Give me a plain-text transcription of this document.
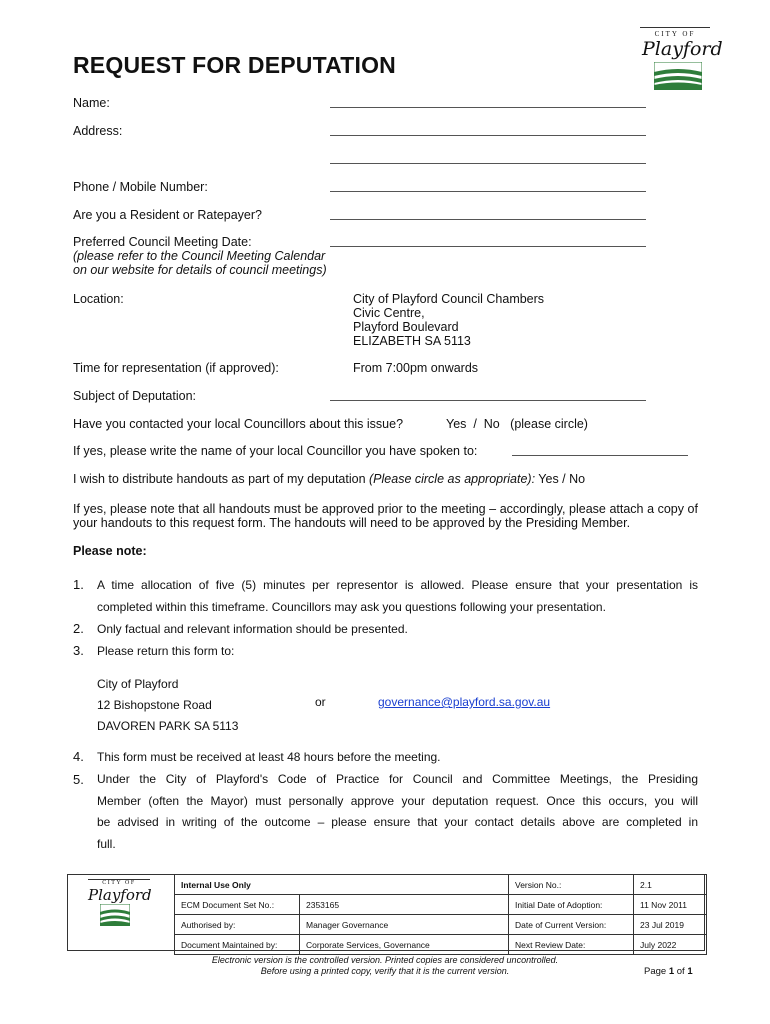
CITY OF
Playford
REQUEST FOR DEPUTATION
Name:
Address:
Phone / Mobile Number:
Are you a Resident or Ratepayer?
Preferred Council Meeting Date:
(please refer to the Council Meeting Calendar
on our website for details of council meetings)
Location:	City of Playford Council Chambers
Civic Centre,
Playford Boulevard
ELIZABETH SA 5113
Time for representation (if approved):	From 7:00pm onwards
Subject of Deputation:
Have you contacted your local Councillors about this issue?	Yes  /  No   (please circle)
If yes, please write the name of your local Councillor you have spoken to:
I wish to distribute handouts as part of my deputation (Please circle as appropriate): Yes / No
If yes, please note that all handouts must be approved prior to the meeting – accordingly, please attach a copy of your handouts to this request form. The handouts will need to be approved by the Presiding Member.
Please note:
1. A time allocation of five (5) minutes per representor is allowed. Please ensure that your presentation is
completed within this timeframe. Councillors may ask you questions following your presentation.
2. Only factual and relevant information should be presented.
3. Please return this form to:
City of Playford
12 Bishopstone Road
DAVOREN PARK SA 5113
or	governance@playford.sa.gov.au
4. This form must be received at least 48 hours before the meeting.
5. Under the City of Playford's Code of Practice for Council and Committee Meetings, the Presiding
Member (often the Mayor) must personally approve your deputation request. Once this occurs, you will
be advised in writing of the outcome – please ensure that your contact details above are completed in
full.
CITY OF
Playford
Internal Use Only		Version No.:	2.1
ECM Document Set No.:	2353165	Initial Date of Adoption:	11 Nov 2011
Authorised by:	Manager Governance	Date of Current Version:	23 Jul 2019
Document Maintained by:	Corporate Services, Governance	Next Review Date:	July 2022
Electronic version is the controlled version. Printed copies are considered uncontrolled.
Before using a printed copy, verify that it is the current version.	Page 1 of 1
